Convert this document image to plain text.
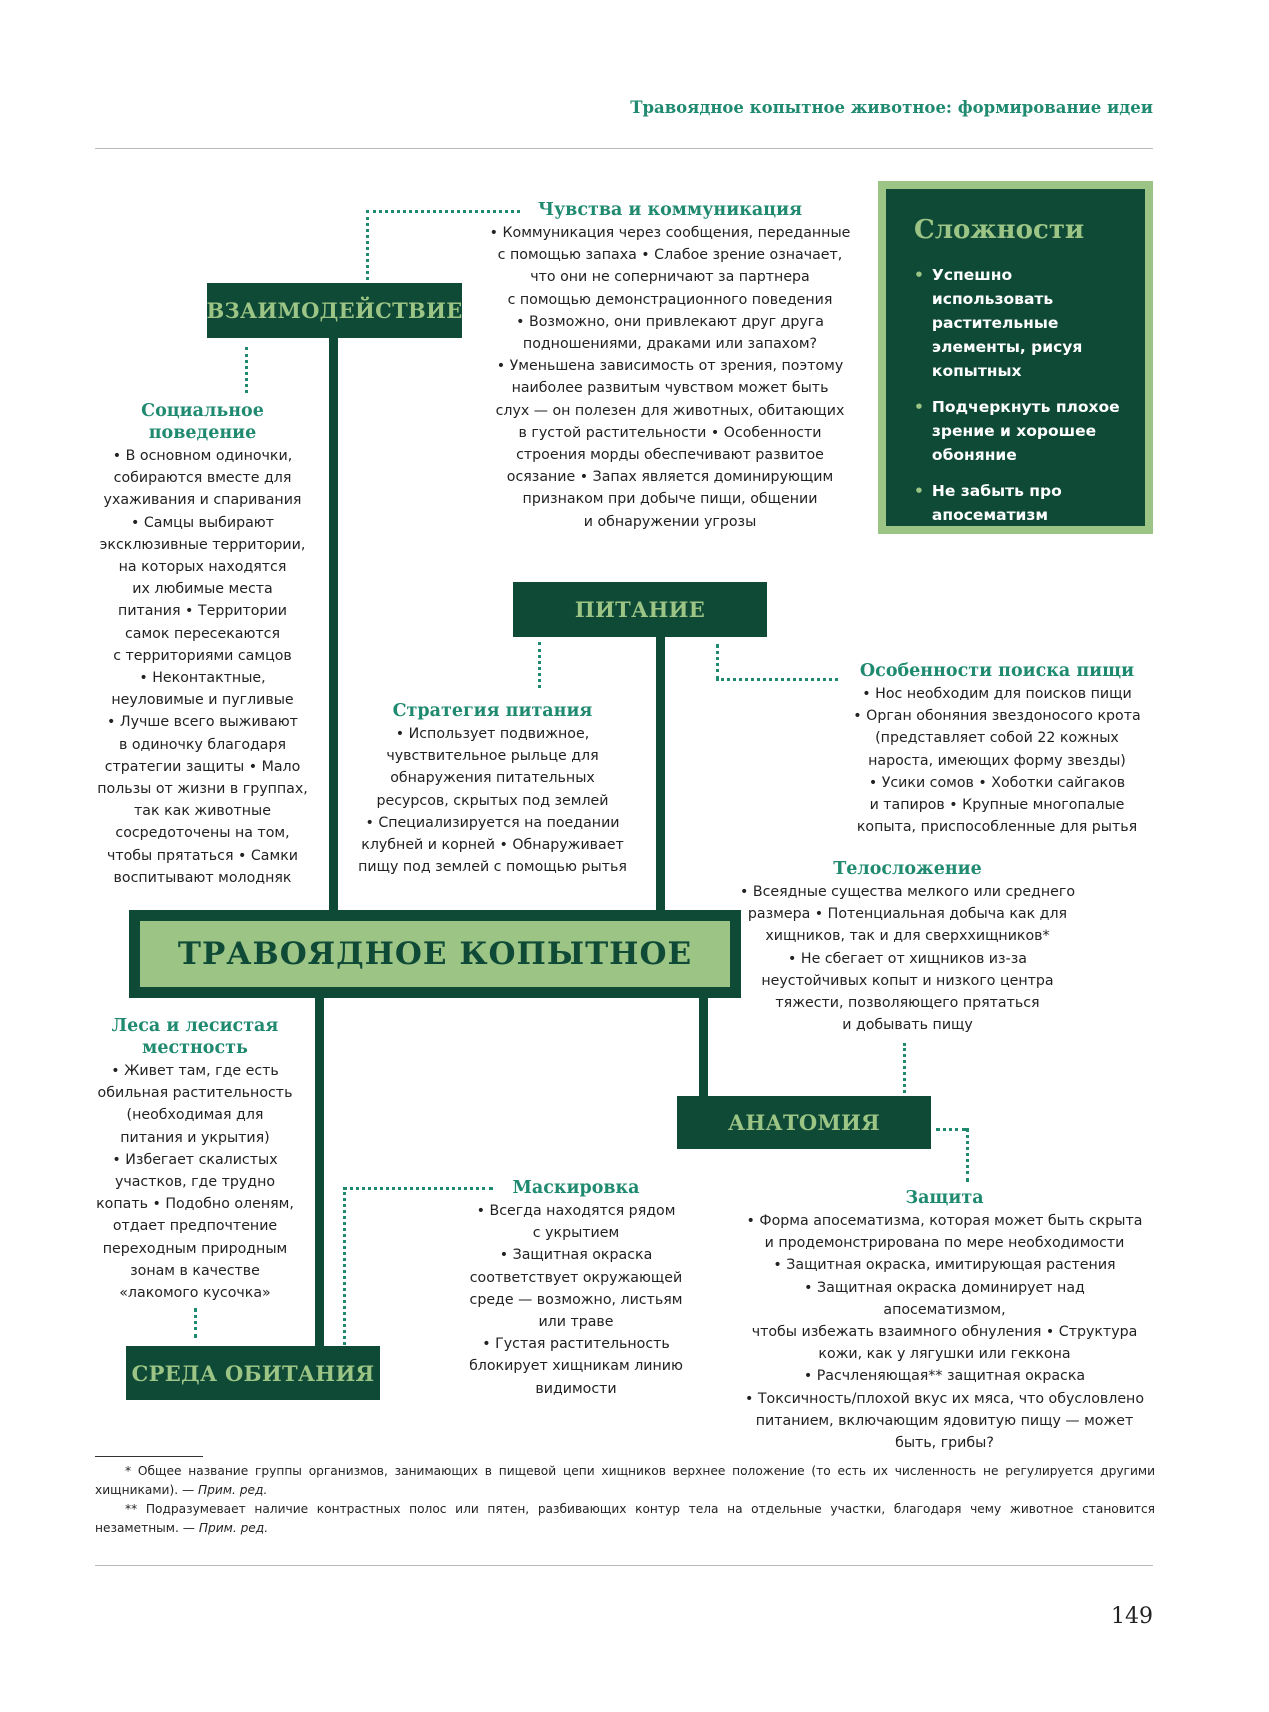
Травоядное копытное животное: формирование идеи
ВЗАИМОДЕЙСТВИЕ
ПИТАНИЕ
АНАТОМИЯ
СРЕДА ОБИТАНИЯ
ТРАВОЯДНОЕ КОПЫТНОЕ
Чувства и коммуникация
• Коммуникация через сообщения, переданные
с помощью запаха • Слабое зрение означает,
что они не соперничают за партнера
с помощью демонстрационного поведения
• Возможно, они привлекают друг друга
подношениями, драками или запахом?
• Уменьшена зависимость от зрения, поэтому
наиболее развитым чувством может быть
слух — он полезен для животных, обитающих
в густой растительности • Особенности
строения морды обеспечивают развитое
осязание • Запах является доминирующим
признаком при добыче пищи, общении
и обнаружении угрозы
Социальное
поведение
• В основном одиночки,
собираются вместе для
ухаживания и спаривания
• Самцы выбирают
эксклюзивные территории,
на которых находятся
их любимые места
питания • Территории
самок пересекаются
с территориями самцов
• Неконтактные,
неуловимые и пугливые
• Лучше всего выживают
в одиночку благодаря
стратегии защиты • Мало
пользы от жизни в группах,
так как животные
сосредоточены на том,
чтобы прятаться • Самки
воспитывают молодняк
Стратегия питания
• Использует подвижное,
чувствительное рыльце для
обнаружения питательных
ресурсов, скрытых под землей
• Специализируется на поедании
клубней и корней • Обнаруживает
пищу под землей с помощью рытья
Особенности поиска пищи
• Нос необходим для поисков пищи
• Орган обоняния звездоносого крота
(представляет собой 22 кожных
нароста, имеющих форму звезды)
• Усики сомов • Хоботки сайгаков
и тапиров • Крупные многопалые
копыта, приспособленные для рытья
Телосложение
• Всеядные существа мелкого или среднего
размера • Потенциальная добыча как для
хищников, так и для сверххищников*
• Не сбегает от хищников из-за
неустойчивых копыт и низкого центра
тяжести, позволяющего прятаться
и добывать пищу
Леса и лесистая
местность
• Живет там, где есть
обильная растительность
(необходимая для
питания и укрытия)
• Избегает скалистых
участков, где трудно
копать • Подобно оленям,
отдает предпочтение
переходным природным
зонам в качестве
«лакомого кусочка»
Маскировка
• Всегда находятся рядом
с укрытием
• Защитная окраска
соответствует окружающей
среде — возможно, листьям
или траве
• Густая растительность
блокирует хищникам линию
видимости
Защита
• Форма апосематизма, которая может быть скрыта
и продемонстрирована по мере необходимости
• Защитная окраска, имитирующая растения
• Защитная окраска доминирует над апосематизмом,
чтобы избежать взаимного обнуления • Структура
кожи, как у лягушки или геккона
• Расчленяющая** защитная окраска
• Токсичность/плохой вкус их мяса, что обусловлено
питанием, включающим ядовитую пищу — может
быть, грибы?
Сложности
• Успешно использовать
растительные
элементы, рисуя
копытных
• Подчеркнуть плохое
зрение и хорошее
обоняние
• Не забыть про
апосематизм
* Общее название группы организмов, занимающих в пищевой цепи хищников верхнее положение (то есть их численность не регулируется другими хищниками). — Прим. ред.
** Подразумевает наличие контрастных полос или пятен, разбивающих контур тела на отдельные участки, благодаря чему животное становится незаметным. — Прим. ред.
149
